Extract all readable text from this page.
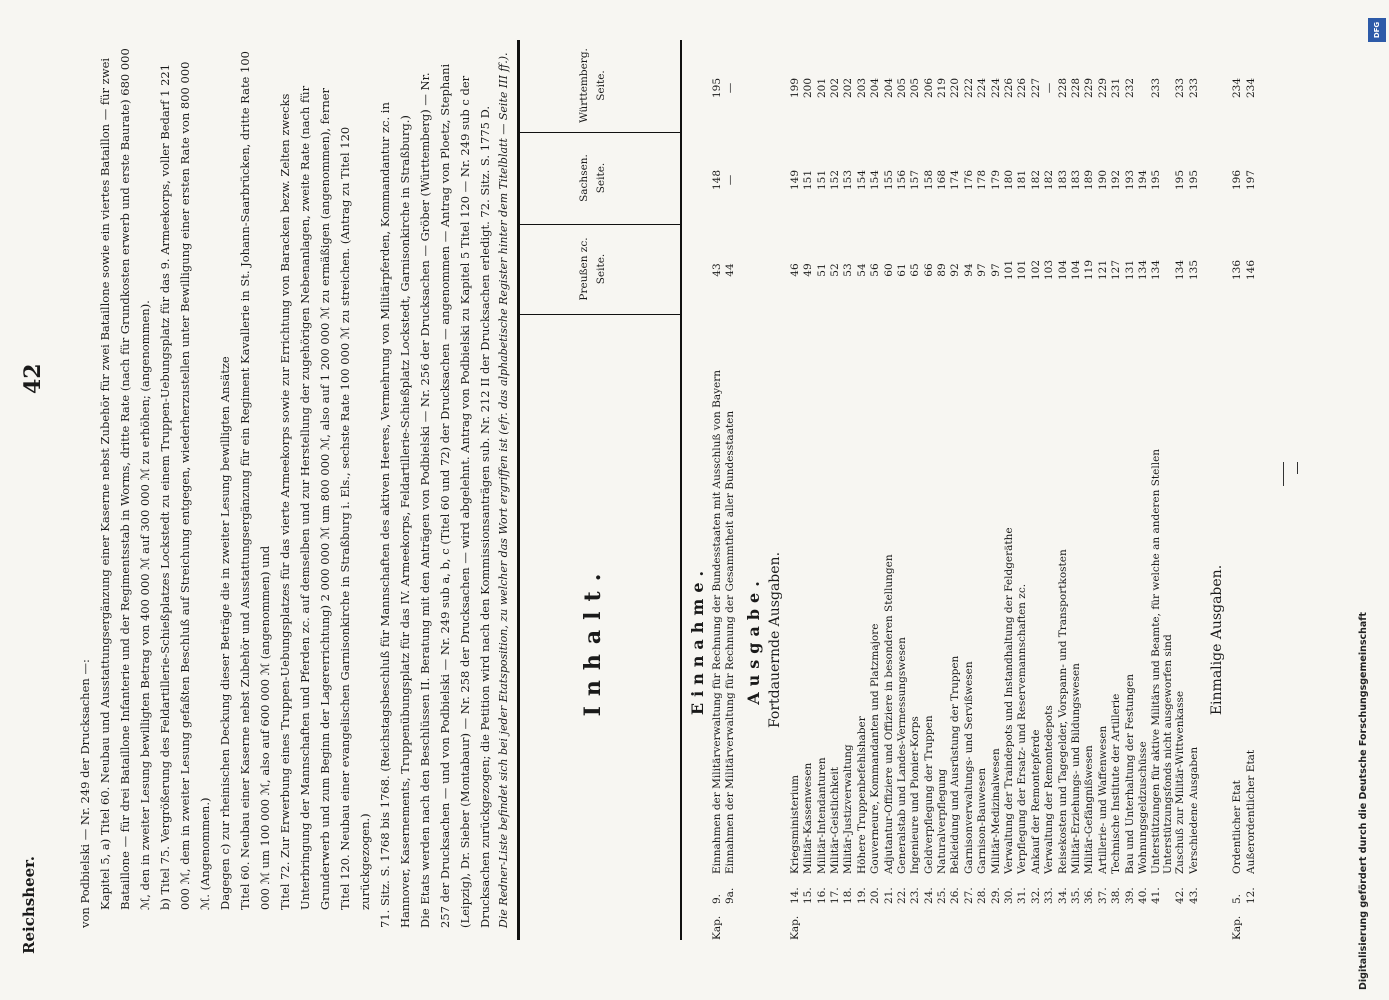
Reichsheer.
42

von Podbielski — Nr. 249 der Drucksachen —: Kapitel 5, a) Titel 60. Neubau und Ausstattungsergänzung einer Kaserne nebst Zubehör für zwei Bataillone sowie ein viertes Bataillon — für zwei Bataillone — für drei Bataillone Infanterie und der Regimentsstab in Worms, dritte Rate (nach für Grundkosten erwerb und erste Baurate) 680 000 ℳ, den in zweiter Lesung bewilligten Betrag von 400 000 ℳ auf 300 000 ℳ zu erhöhen; (angenommen). b) Titel 75. Vergrößerung des Feldartillerie-Schießplatzes Lockstedt zu einem Truppen-Uebungsplatz für das 9. Armeekorps, voller Bedarf 1 221 000 ℳ, dem in zweiter Lesung gefaßten Beschluß auf Streichung entgegen, wiederherzustellen unter Bewilligung einer ersten Rate von 800 000 ℳ. (Angenommen.) Dagegen c) zur rheinischen Deckung dieser Beträge die in zweiter Lesung bewilligten Ansätze Titel 60. Neubau einer Kaserne nebst Zubehör und Ausstattungsergänzung für ein Regiment Kavallerie in St. Johann-Saarbrücken, dritte Rate 100 000 ℳ um 100 000 ℳ, also auf 600 000 ℳ (angenommen) und Titel 72. Zur Erwerbung eines Truppen-Uebungsplatzes für das vierte Armeekorps sowie zur Errichtung von Baracken bezw. Zelten zwecks Unterbringung der Mannschaften und Pferden zc. auf demselben und zur Herstellung der zugehörigen Nebenanlagen, zweite Rate (nach für Grunderwerb und zum Beginn der Lagererrichtung) 2 000 000 ℳ um 800 000 ℳ, also auf 1 200 000 ℳ zu ermäßigen (angenommen), ferner Titel 120. Neubau einer evangelischen Garnisonkirche in Straßburg i. Els., sechste Rate 100 000 ℳ zu streichen. (Antrag zu Titel 120 zurückgezogen.) 71. Sitz. S. 1768 bis 1768. (Reichstagsbeschluß für Mannschaften des aktiven Heeres, Vermehrung von Militärpferden, Kommandantur zc. in Hannover, Kasernements, Truppenübungsplatz für das IV. Armeekorps, Feldartillerie-Schießplatz Lockstedt, Garnisonkirche in Straßburg.) Die Etats werden nach den Beschlüssen II. Beratung mit den Anträgen von Podbielski — Nr. 256 der Drucksachen — Gröber (Württemberg) — Nr. 257 der Drucksachen — und von Podbielski — Nr. 249 sub a, b, c (Titel 60 und 72) der Drucksachen — angenommen — Antrag von Ploetz, Stephani (Leipzig), Dr. Sieber (Montabaur) — Nr. 258 der Drucksachen — wird abgelehnt. Antrag von Podbielski zu Kapitel 5 Titel 120 — Nr. 249 sub c der Drucksachen zurückgezogen; die Petition wird nach den Kommissionsanträgen sub. Nr. 212 II der Drucksachen erledigt. 72. Sitz. S. 1775 D. Die Redner-Liste befindet sich bei jeder Etatsposition, zu welcher das Wort ergriffen ist (efr. das alphabetische Register hinter dem Titelblatt — Seite III ff.).	Inhalt.
Preußen zc. Seite.
Sachsen. Seite.
Württemberg. Seite.
Einnahme.
Kap.
9.
Einnahmen der Militärverwaltung für Rechnung der Bundesstaaten mit Ausschluß von Bayern
43
148
195
9a.
Einnahmen der Militärverwaltung für Rechnung der Gesammtheit aller Bundesstaaten
44
—
—
Ausgabe. Fortdauernde Ausgaben.
Kap.
14.
Kriegsministerium
46
149
199
15.
Militär-Kassenwesen
49
151
200
16.
Militär-Intendanturen
51
151
201
17.
Militär-Geistlichkeit
52
152
202
18.
Militär-Justizverwaltung
53
153
202
19.
Höhere Truppenbefehlshaber
54
154
203
20.
Gouverneure, Kommandanten und Platzmajore
56
154
204
21.
Adjutantur-Offiziere und Offiziere in besonderen Stellungen
60
155
204
22.
Generalstab und Landes-Vermessungswesen
61
156
205
23.
Ingenieure und Pionier-Korps
65
157
205
24.
Geldverpflegung der Truppen
66
158
206
25.
Naturalverpflegung
89
168
219
26.
Bekleidung und Ausrüstung der Truppen
92
174
220
27.
Garnisonverwaltungs- und Servißwesen
94
176
222
28.
Garnison-Bauwesen
97
178
224
29.
Militär-Medizinalwesen
97
179
224
30.
Verwaltung der Traindepots und Instandhaltung der Feldgeräthe
101
180
226
31.
Verpflegung der Ersatz- und Reservemannschaften zc.
101
181
226
32.
Ankauf der Remontepferde
102
182
227
33.
Verwaltung der Remontedepots
103
182
—
34.
Reisekosten und Tagegelder, Vorspann- und Transportkosten
104
183
228
35.
Militär-Erziehungs- und Bildungswesen
104
183
228
36.
Militär-Gefängnißwesen
119
189
229
37.
Artillerie- und Waffenwesen
121
190
229
38.
Technische Institute der Artillerie
127
192
231
39.
Bau und Unterhaltung der Festungen
131
193
232
40.
Wohnungsgeldzuschüsse
134
194
41.
Unterstützungen für aktive Militärs und Beamte, für welche an anderen Stellen Unterstützungsfonds nicht ausgeworfen sind
134
195
233
42.
Zuschuß zur Militär-Wittwenkasse
134
195
233
43.
Verschiedene Ausgaben
135
195
233
Einmalige Ausgaben.
Kap.
5.
Ordentlicher Etat
136
196
234
12.
Außerordentlicher Etat
146
197
234
Digitalisierung gefördert durch die Deutsche Forschungsgemeinschaft
DFG
